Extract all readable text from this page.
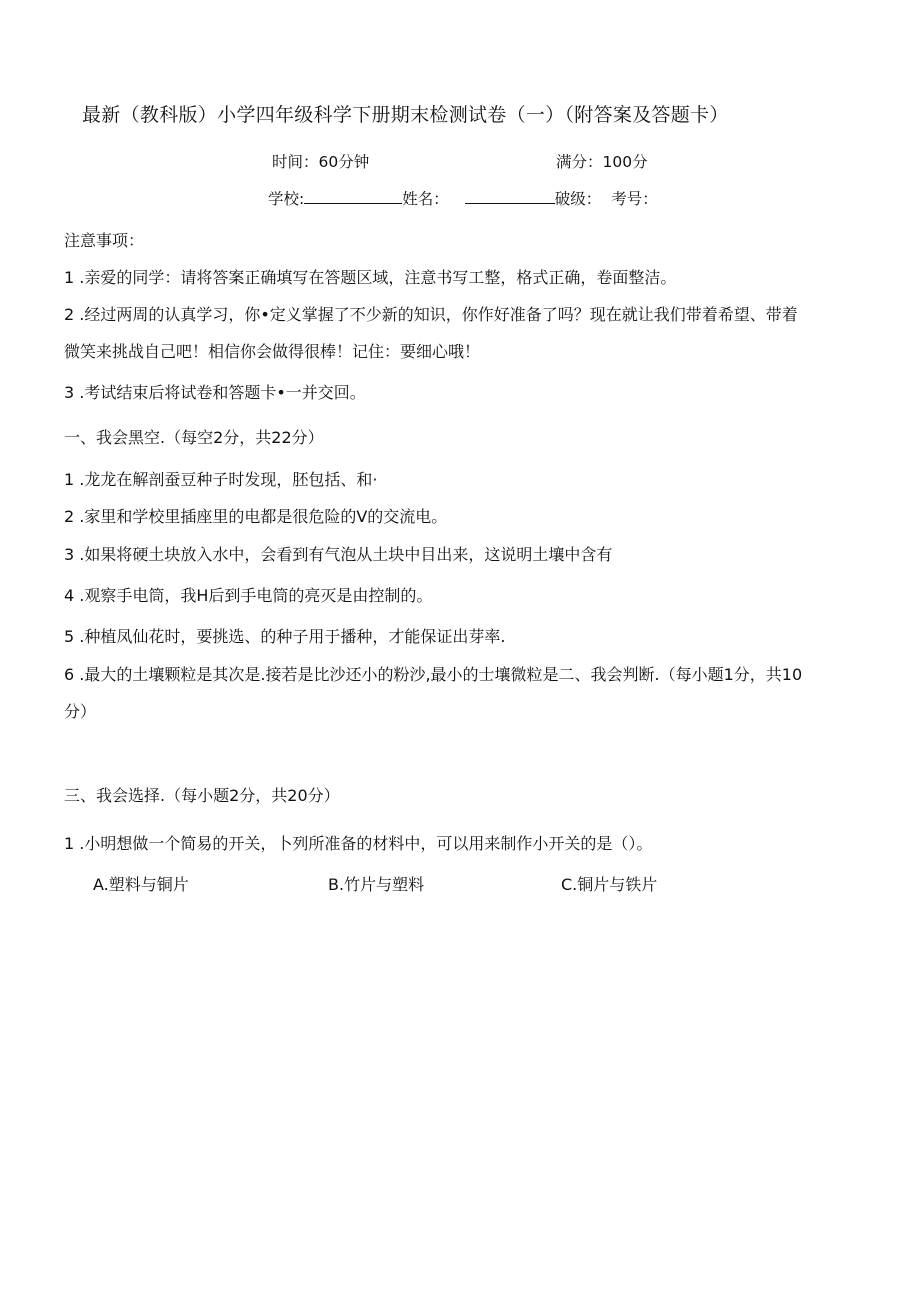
最新（教科版）小学四年级科学下册期末检测试卷（一）（附答案及答题卡）
时间：60分钟	满分：100分
学校:	姓名：	破级： 考号：
注意事项：
1 .亲爱的同学：请将答案正确填写在答题区域，注意书写工整，格式正确，卷面整洁。
2 .经过两周的认真学习，你•定义掌握了不少新的知识，你作好准备了吗？现在就让我们带着希望、带着
微笑来挑战自己吧！相信你会做得很棒！记住：要细心哦！
3 .考试结束后将试卷和答题卡•一并交回。
一、我会黑空.（每空2分，共22分）
1 .龙龙在解剖蚕豆种子时发现，胚包括、和·
2 .家里和学校里插座里的电都是很危险的V的交流电。
3 .如果将硬土块放入水中，会看到有气泡从土块中目出来，这说明土壤中含有
4 .观察手电筒，我H后到手电筒的亮灭是由控制的。
5 .种植凤仙花时，要挑选、的种子用于播种，才能保证出芽率.
6 .最大的土壤颗粒是其次是.接若是比沙还小的粉沙,最小的士壤微粒是二、我会判断.（每小题1分，共10
分）
三、我会选择.（每小题2分，共20分）
1 .小明想做一个简易的开关，卜列所准备的材料中，可以用来制作小开关的是（）。
A.塑料与铜片	B.竹片与塑料	C.铜片与铁片
